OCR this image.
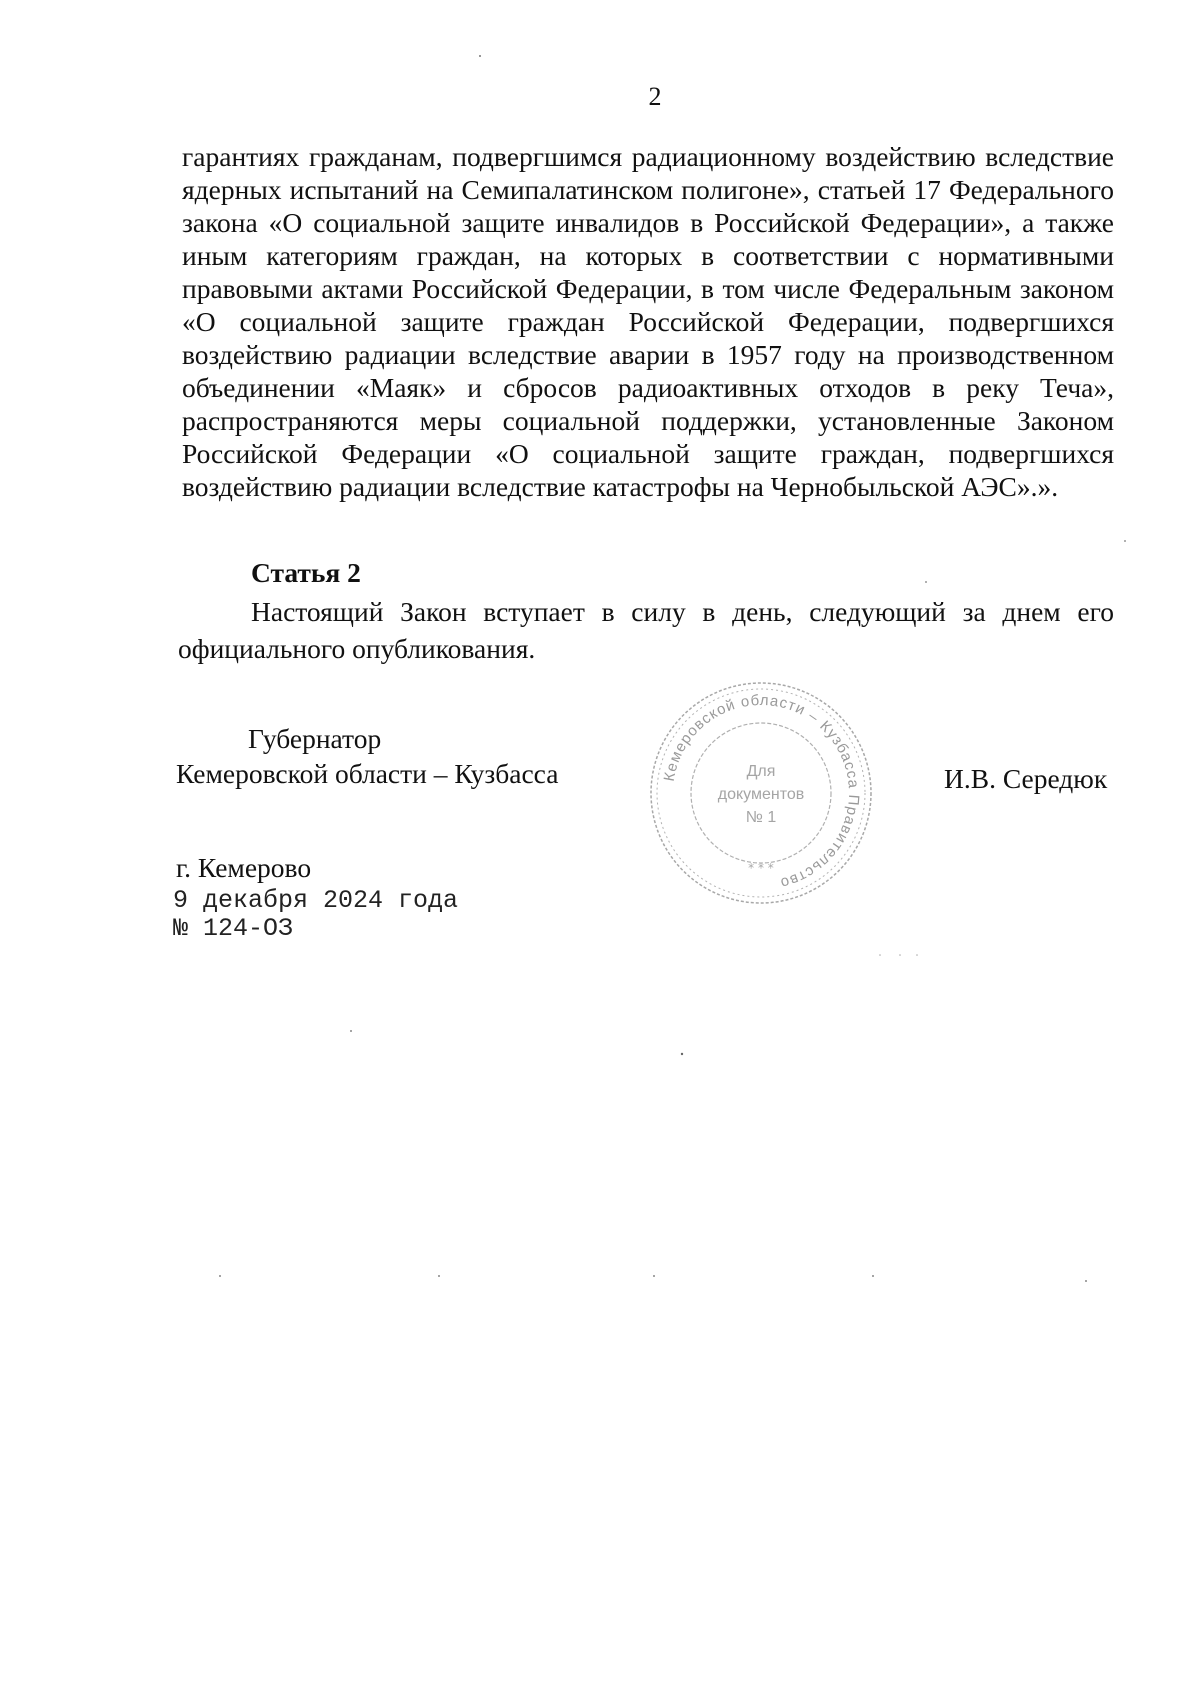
2
гарантиях гражданам, подвергшимся радиационному воздействию вследствие ядерных испытаний на Семипалатинском полигоне», статьей 17 Федерального закона «О социальной защите инвалидов в Российской Федерации», а также иным категориям граждан, на которых в соответствии с нормативными правовыми актами Российской Федерации, в том числе Федеральным законом «О социальной защите граждан Российской Федерации, подвергшихся воздействию радиации вследствие аварии в 1957 году на производственном объединении «Маяк» и сбросов радиоактивных отходов в реку Теча», распространяются меры социальной поддержки, установленные Законом Российской Федерации «О социальной защите граждан, подвергшихся воздействию радиации вследствие катастрофы на Чернобыльской АЭС».».
Статья 2
Настоящий Закон вступает в силу в день, следующий за днем его официального опубликования.
Губернатор
Кемеровской области – Кузбасса	И.В. Середюк
Кемеровской области – Кузбасса Правительство
Для
документов
№ 1
* * *
г. Кемерово
9 декабря 2024 года
№ 124-ОЗ
